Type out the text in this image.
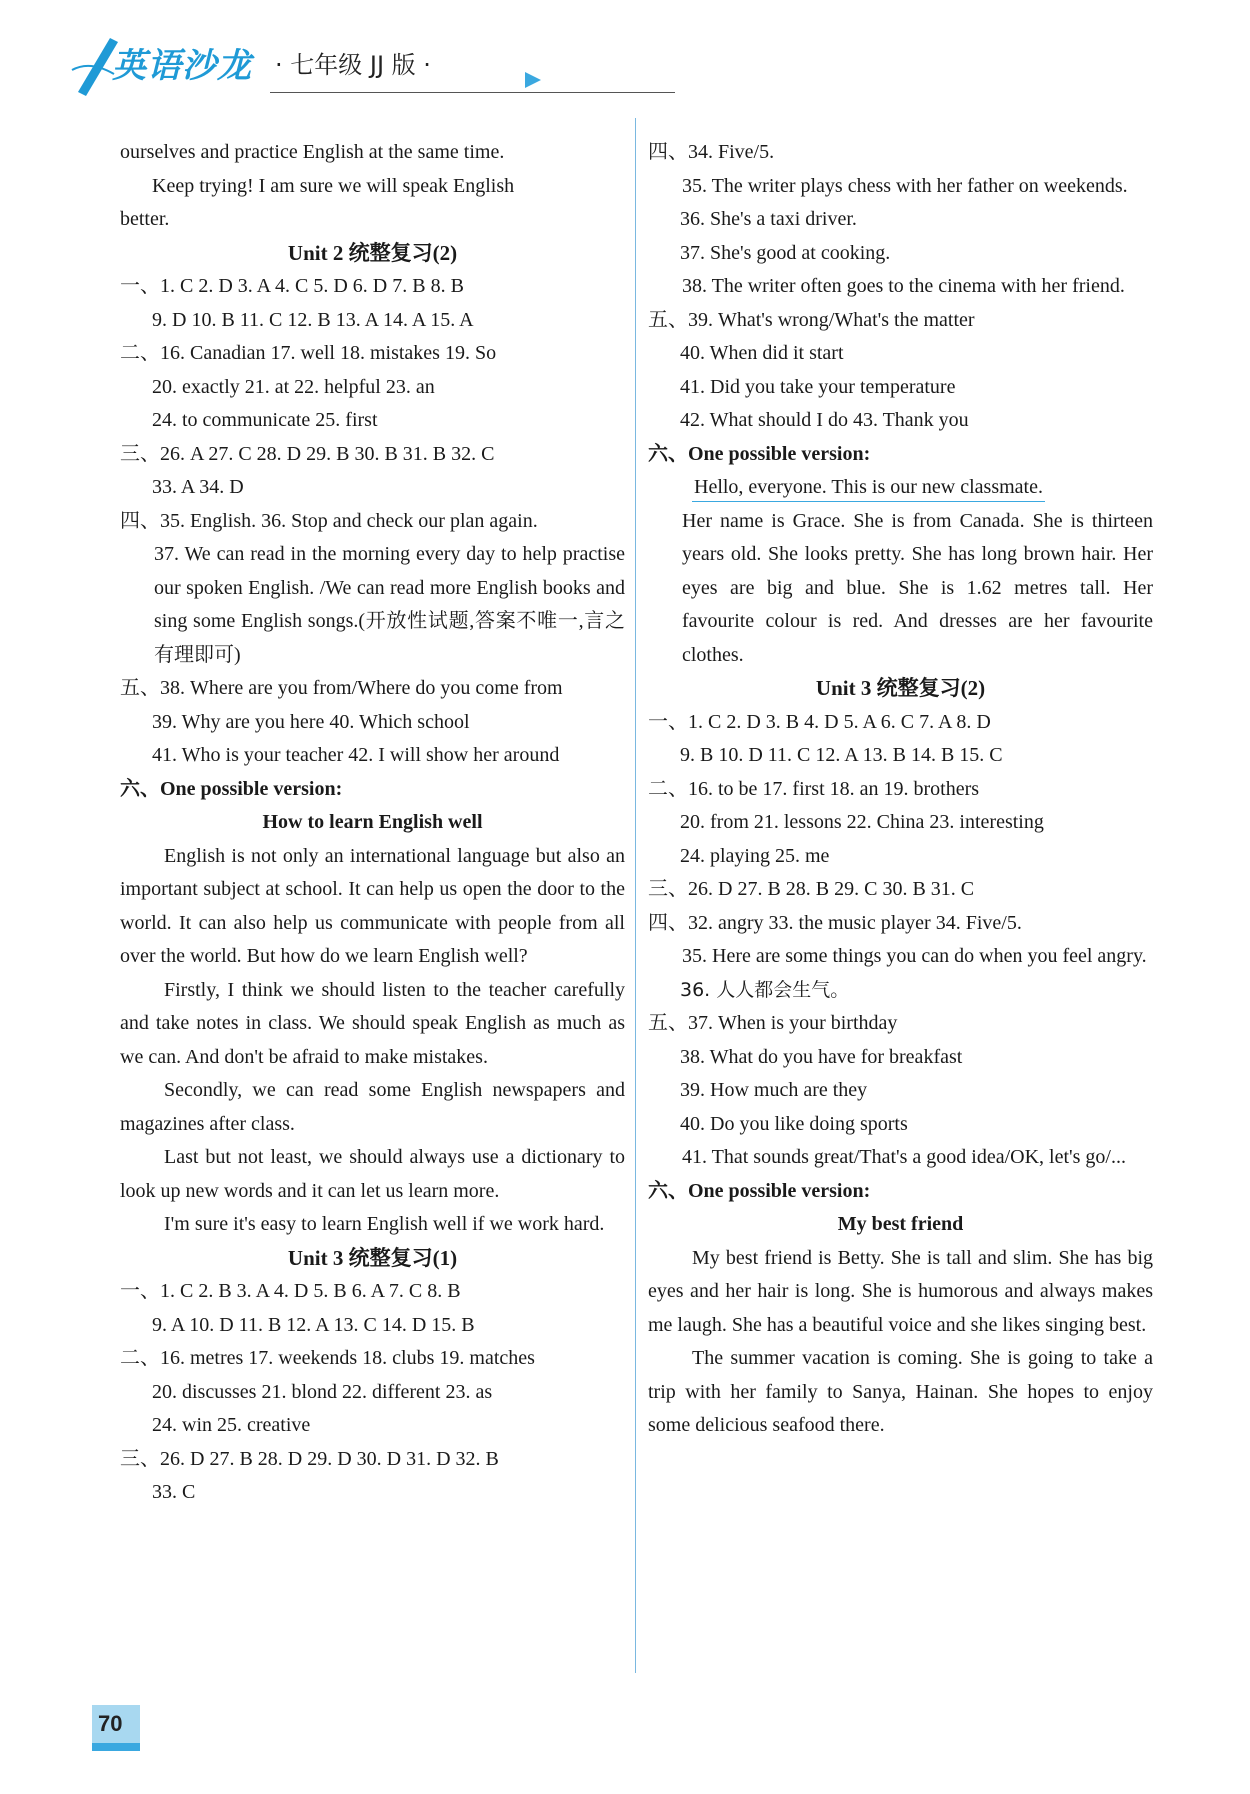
英语沙龙 · 七年级 JJ 版 ·
ourselves and practice English at the same time.
Keep trying! I am sure we will speak English
better.
Unit 2 统整复习(2)
一、1. C 2. D 3. A 4. C 5. D 6. D 7. B 8. B
9. D 10. B 11. C 12. B 13. A 14. A 15. A
二、16. Canadian 17. well 18. mistakes 19. So
20. exactly 21. at 22. helpful 23. an
24. to communicate 25. first
三、26. A 27. C 28. D 29. B 30. B 31. B 32. C
33. A 34. D
四、35. English. 36. Stop and check our plan again.
37. We can read in the morning every day to help practise our spoken English. /We can read more English books and sing some English songs.(开放性试题,答案不唯一,言之有理即可)
五、38. Where are you from/Where do you come from
39. Why are you here 40. Which school
41. Who is your teacher 42. I will show her around
六、One possible version:
How to learn English well
English is not only an international language but also an important subject at school. It can help us open the door to the world. It can also help us communicate with people from all over the world. But how do we learn English well?
Firstly, I think we should listen to the teacher carefully and take notes in class. We should speak English as much as we can. And don't be afraid to make mistakes.
Secondly, we can read some English newspapers and magazines after class.
Last but not least, we should always use a dictionary to look up new words and it can let us learn more.
I'm sure it's easy to learn English well if we work hard.
Unit 3 统整复习(1)
一、1. C 2. B 3. A 4. D 5. B 6. A 7. C 8. B
9. A 10. D 11. B 12. A 13. C 14. D 15. B
二、16. metres 17. weekends 18. clubs 19. matches
20. discusses 21. blond 22. different 23. as
24. win 25. creative
三、26. D 27. B 28. D 29. D 30. D 31. D 32. B
33. C
四、34. Five/5.
35. The writer plays chess with her father on weekends.
36. She's a taxi driver.
37. She's good at cooking.
38. The writer often goes to the cinema with her friend.
五、39. What's wrong/What's the matter
40. When did it start
41. Did you take your temperature
42. What should I do 43. Thank you
六、One possible version:
Hello, everyone. This is our new classmate.
Her name is Grace. She is from Canada. She is thirteen years old. She looks pretty. She has long brown hair. Her eyes are big and blue. She is 1.62 metres tall. Her favourite colour is red. And dresses are her favourite clothes.
Unit 3 统整复习(2)
一、1. C 2. D 3. B 4. D 5. A 6. C 7. A 8. D
9. B 10. D 11. C 12. A 13. B 14. B 15. C
二、16. to be 17. first 18. an 19. brothers
20. from 21. lessons 22. China 23. interesting
24. playing 25. me
三、26. D 27. B 28. B 29. C 30. B 31. C
四、32. angry 33. the music player 34. Five/5.
35. Here are some things you can do when you feel angry.
36. 人人都会生气。
五、37. When is your birthday
38. What do you have for breakfast
39. How much are they
40. Do you like doing sports
41. That sounds great/That's a good idea/OK, let's go/...
六、One possible version:
My best friend
My best friend is Betty. She is tall and slim. She has big eyes and her hair is long. She is humorous and always makes me laugh. She has a beautiful voice and she likes singing best.
The summer vacation is coming. She is going to take a trip with her family to Sanya, Hainan. She hopes to enjoy some delicious seafood there.
70
